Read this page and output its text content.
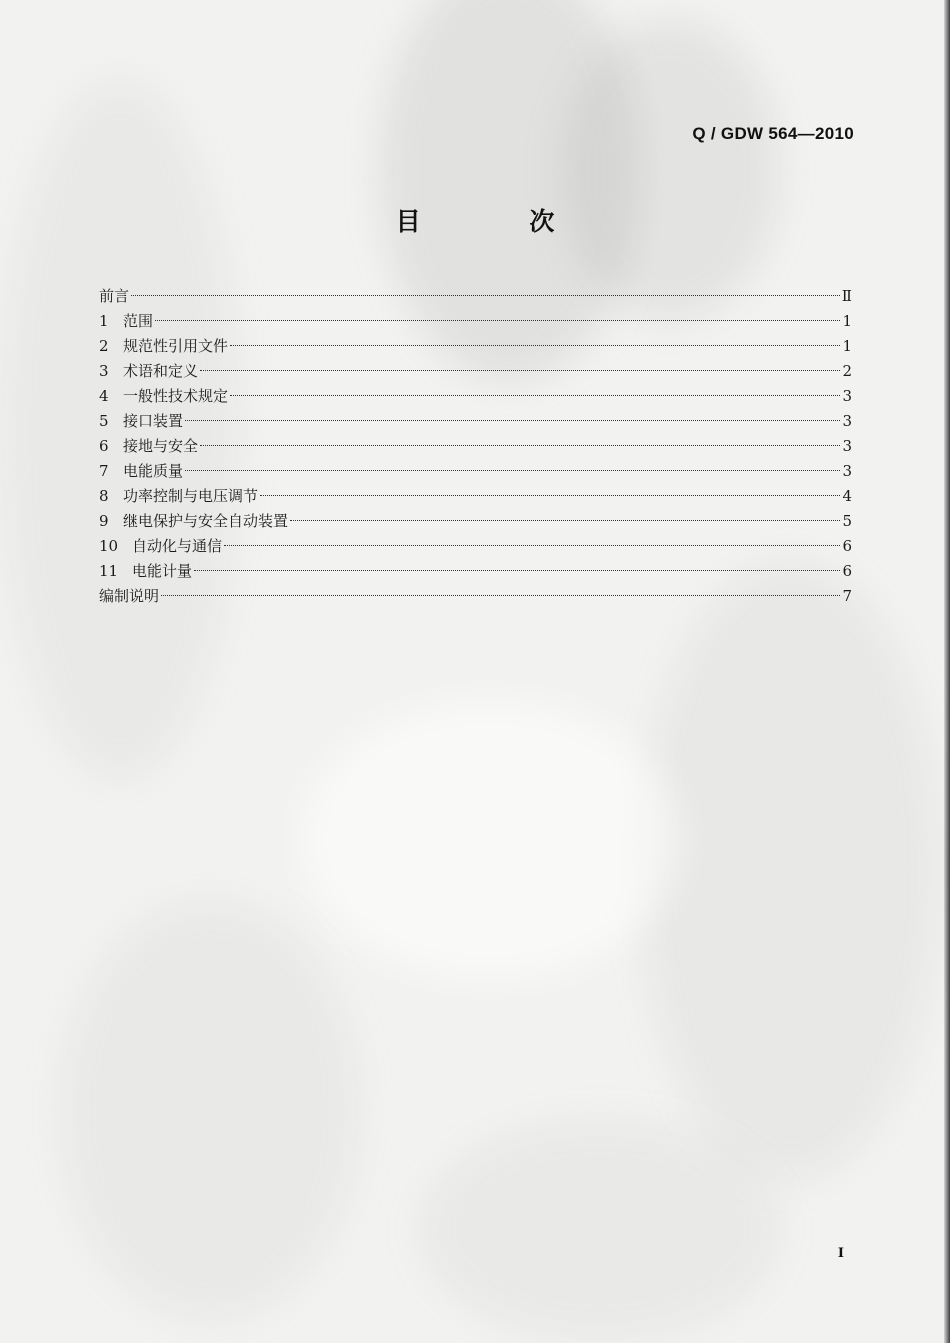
Q / GDW 564—2010
目 次
前言	Ⅱ
1 范围	1
2 规范性引用文件	1
3 术语和定义	2
4 一般性技术规定	3
5 接口装置	3
6 接地与安全	3
7 电能质量	3
8 功率控制与电压调节	4
9 继电保护与安全自动装置	5
10 自动化与通信	6
11 电能计量	6
编制说明	7
I
